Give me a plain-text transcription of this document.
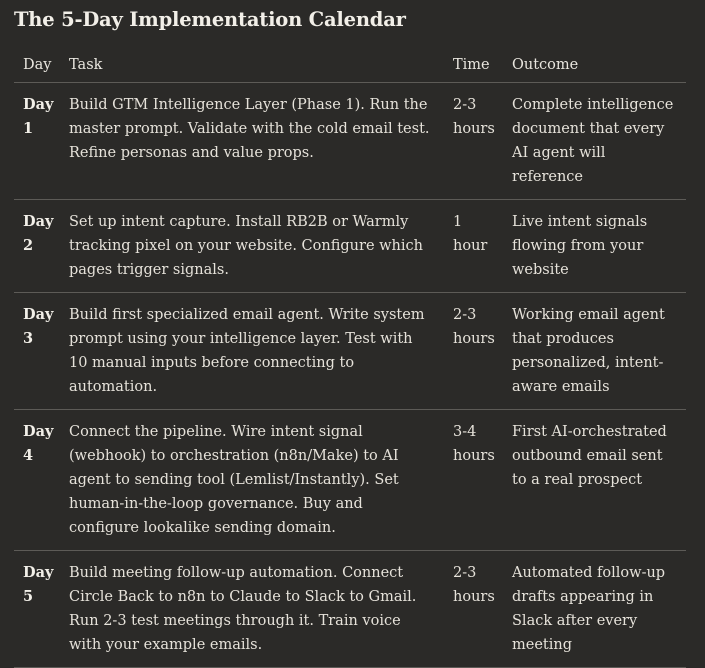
The 5-Day Implementation Calendar
Day	Task	Time	Outcome
Day 1	Build GTM Intelligence Layer (Phase 1). Run the master prompt. Validate with the cold email test. Refine personas and value props.	2-3 hours	Complete intelligence document that every AI agent will reference
Day 2	Set up intent capture. Install RB2B or Warmly tracking pixel on your website. Configure which pages trigger signals.	1 hour	Live intent signals flowing from your website
Day 3	Build first specialized email agent. Write system prompt using your intelligence layer. Test with 10 manual inputs before connecting to automation.	2-3 hours	Working email agent that produces personalized, intent-aware emails
Day 4	Connect the pipeline. Wire intent signal (webhook) to orchestration (n8n/Make) to AI agent to sending tool (Lemlist/Instantly). Set human-in-the-loop governance. Buy and configure lookalike sending domain.	3-4 hours	First AI-orchestrated outbound email sent to a real prospect
Day 5	Build meeting follow-up automation. Connect Circle Back to n8n to Claude to Slack to Gmail. Run 2-3 test meetings through it. Train voice with your example emails.	2-3 hours	Automated follow-up drafts appearing in Slack after every meeting
